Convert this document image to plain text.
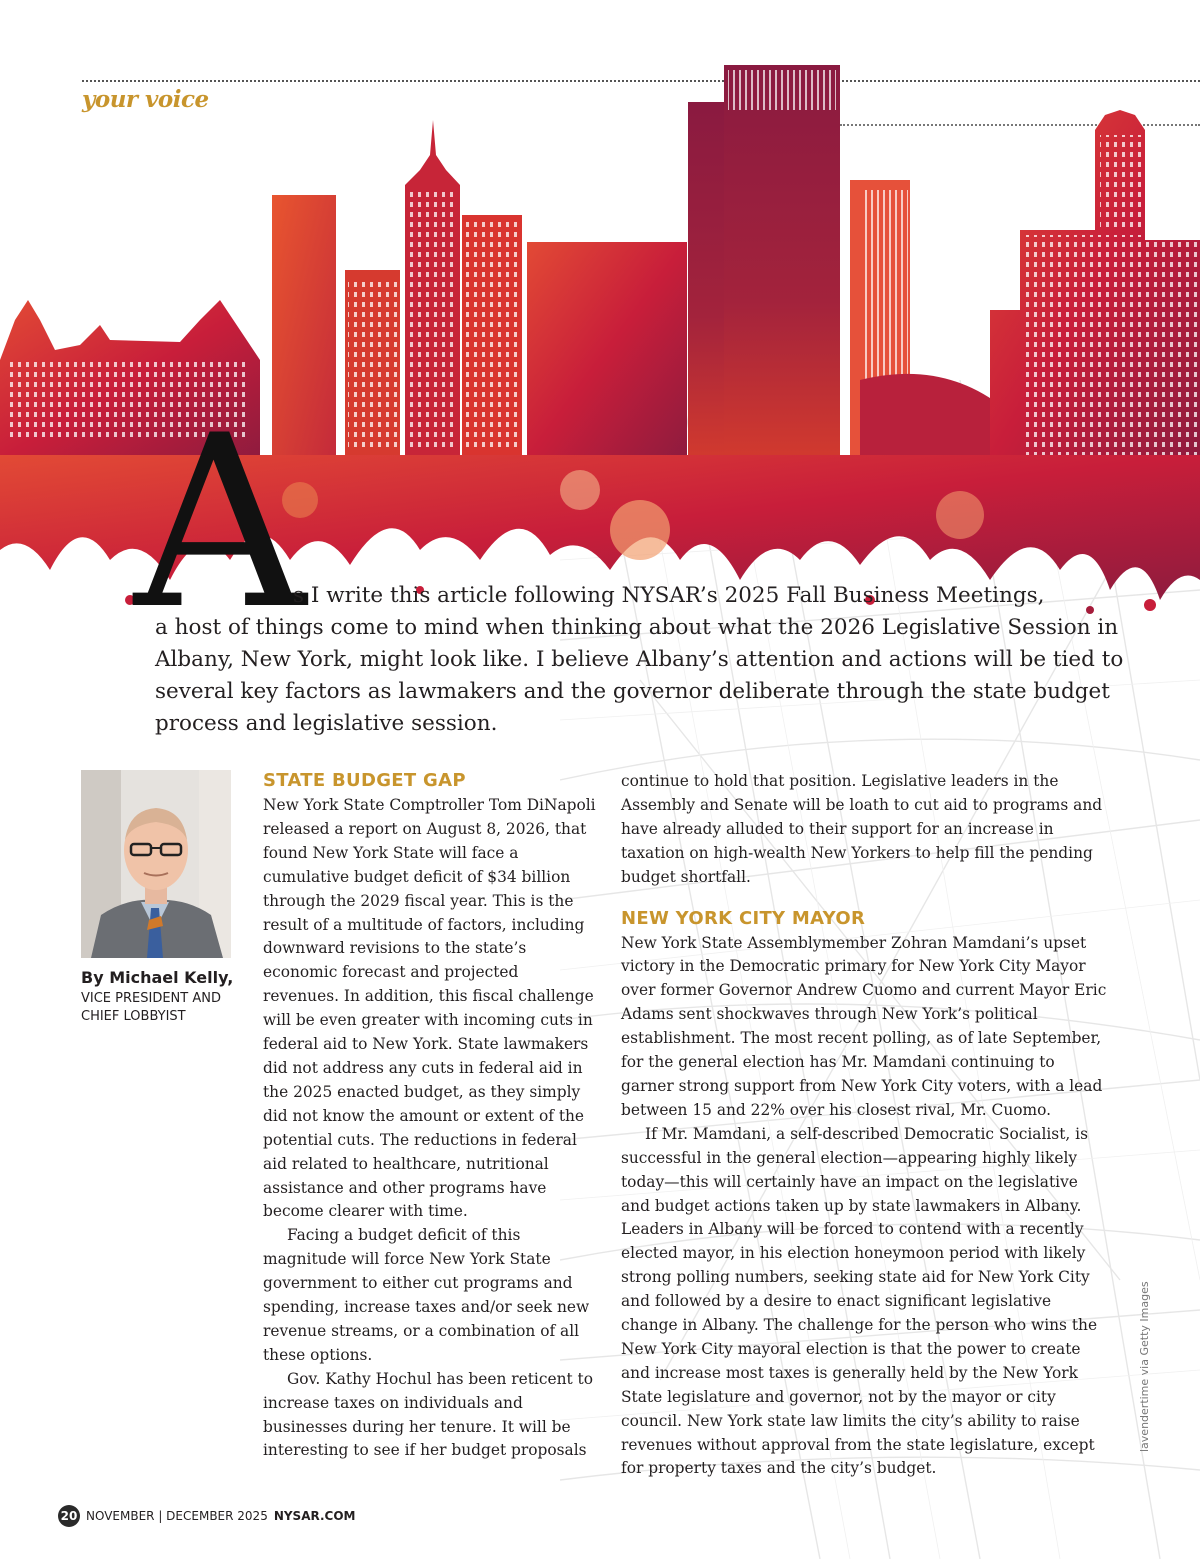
your voice
A
s I write this article following NYSAR’s 2025 Fall Business Meetings,
a host of things come to mind when thinking about what the 2026 Legislative Session in Albany, New York, might look like. I believe Albany’s attention and actions will be tied to several key factors as lawmakers and the governor deliberate through the state budget process and legislative session.
By Michael Kelly,
VICE PRESIDENT AND CHIEF LOBBYIST
STATE BUDGET GAP

New York State Comptroller Tom DiNapoli released a report on August 8, 2026, that found New York State will face a cumulative budget deficit of $34 billion through the 2029 fiscal year. This is the result of a multitude of factors, including downward revisions to the state’s economic forecast and projected revenues. In addition, this fiscal challenge will be even greater with incoming cuts in federal aid to New York. State lawmakers did not address any cuts in federal aid in the 2025 enacted budget, as they simply did not know the amount or extent of the potential cuts. The reductions in federal aid related to healthcare, nutritional assistance and other programs have become clearer with time.

Facing a budget deficit of this magnitude will force New York State government to either cut programs and spending, increase taxes and/or seek new revenue streams, or a combination of all these options.

Gov. Kathy Hochul has been reticent to increase taxes on individuals and businesses during her tenure. It will be interesting to see if her budget proposals

continue to hold that position. Legislative leaders in the Assembly and Senate will be loath to cut aid to programs and have already alluded to their support for an increase in taxation on high-wealth New Yorkers to help fill the pending budget shortfall.

NEW YORK CITY MAYOR

New York State Assemblymember Zohran Mamdani’s upset victory in the Democratic primary for New York City Mayor over former Governor Andrew Cuomo and current Mayor Eric Adams sent shockwaves through New York’s political establishment. The most recent polling, as of late September, for the general election has Mr. Mamdani continuing to garner strong support from New York City voters, with a lead between 15 and 22% over his closest rival, Mr. Cuomo.

If Mr. Mamdani, a self-described Democratic Socialist, is successful in the general election—appearing highly likely today—this will certainly have an impact on the legislative and budget actions taken up by state lawmakers in Albany. Leaders in Albany will be forced to contend with a recently elected mayor, in his election honeymoon period with likely strong polling numbers, seeking state aid for New York City and followed by a desire to enact significant legislative change in Albany. The challenge for the person who wins the New York City mayoral election is that the power to create and increase most taxes is generally held by the New York State legislature and governor, not by the mayor or city council. New York state law limits the city’s ability to raise revenues without approval from the state legislature, except for property taxes and the city’s budget.

lavendertime via Getty Images
20 NOVEMBER | DECEMBER 2025 NYSAR.COM
